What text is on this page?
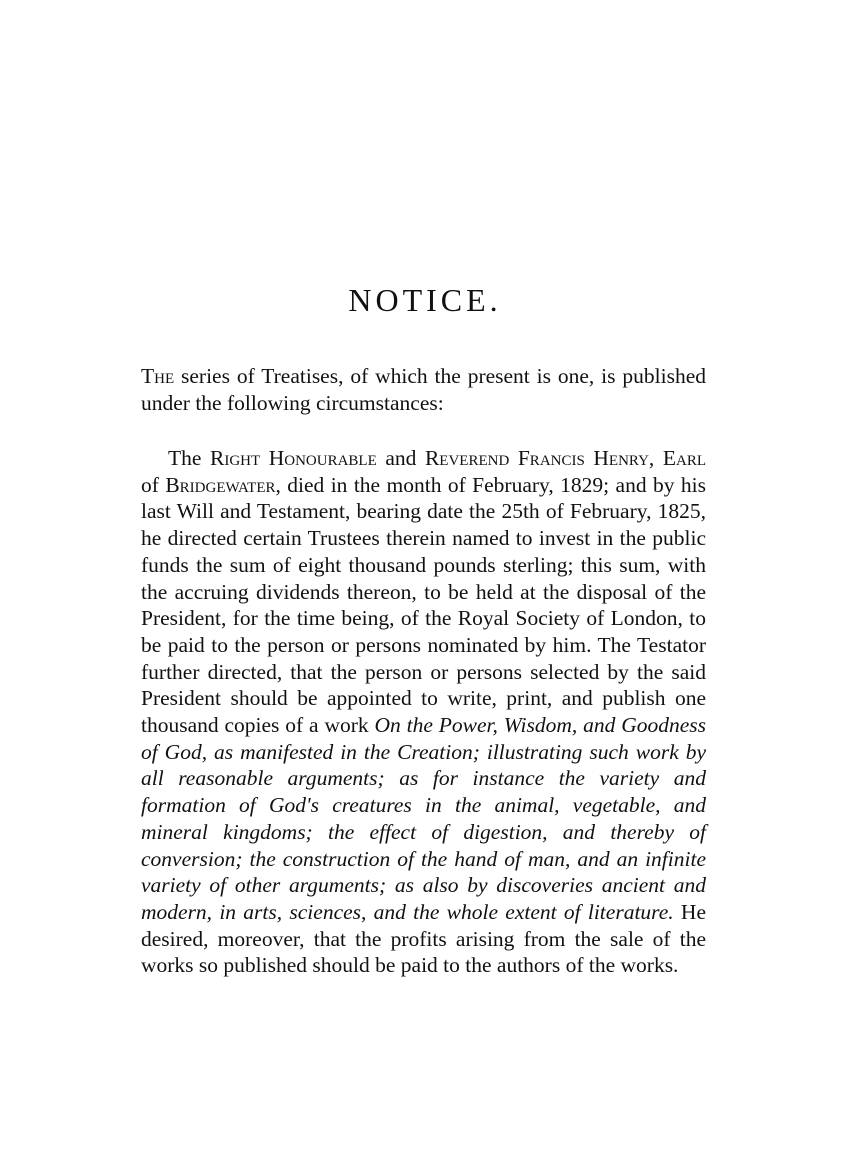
NOTICE.
The series of Treatises, of which the present is one, is published under the following circumstances:
The Right Honourable and Reverend Francis Henry, Earl of Bridgewater, died in the month of February, 1829; and by his last Will and Testament, bearing date the 25th of February, 1825, he directed certain Trustees therein named to invest in the public funds the sum of eight thousand pounds sterling; this sum, with the accruing dividends thereon, to be held at the disposal of the President, for the time being, of the Royal Society of London, to be paid to the person or persons nominated by him. The Testator further directed, that the person or persons selected by the said President should be appointed to write, print, and publish one thousand copies of a work On the Power, Wisdom, and Goodness of God, as manifested in the Creation; illustrating such work by all reasonable arguments; as for instance the variety and formation of God's creatures in the animal, vegetable, and mineral kingdoms; the effect of digestion, and thereby of conversion; the construction of the hand of man, and an infinite variety of other arguments; as also by discoveries ancient and modern, in arts, sciences, and the whole extent of literature. He desired, moreover, that the profits arising from the sale of the works so published should be paid to the authors of the works.
